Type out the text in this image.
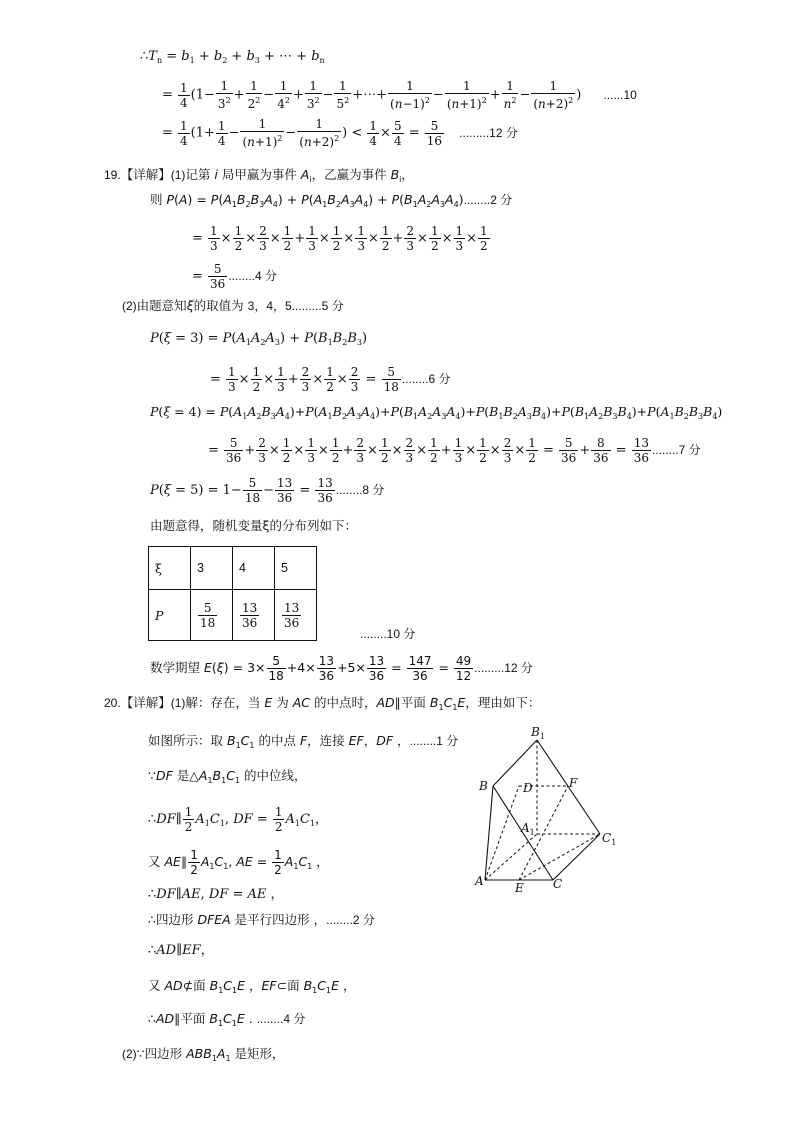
$\therefore T_n = b_1 + b_2 + b_3$ + ⋯ + $b_n$
= $\frac{1}{4} (1- \frac{1}{3^2} + \frac{1}{2^2} - \frac{1}{4^2} + \frac{1}{3^2} - \frac{1}{5^2}$ +⋯+ $\frac{1}{(n-1)^2} - \frac{1}{(n+1)^2} + \frac{1}{n^2} - \frac{1}{(n+2)^2}$ ) ......10
= $\frac{1}{4} (1+ \frac{1}{4} - \frac{1}{(n+1)^2} - \frac{1}{(n+2)^2}$ ) < $\frac{1}{4} \times \frac{5}{4} = \frac{5}{16} .........12$ 分
19.【详解】(1)记第 i 局甲赢为事件 $A_i$，乙赢为事件 $B_i$，
则 $P(A) = P(A_1B_2B_3A_4) + P(A_1B_2A_3A_4) + P(B_1A_2A_3A_4)........2$ 分
= $\frac{1}{3} \times \frac{1}{2} \times \frac{2}{3} \times \frac{1}{2} + \frac{1}{3} \times \frac{1}{2} \times \frac{1}{3} \times \frac{1}{2} + \frac{2}{3} \times \frac{1}{2} \times \frac{1}{3} \times \frac{1}{2}$
= $\frac{5}{36} ........4$ 分
(2)由题意知ξ的取值为 3，4，5.........5 分
$P(\xi = 3) = P(A_1A_2A_3) + P(B_1B_2B_3)$
= $\frac{1}{3} \times \frac{1}{2} \times \frac{1}{3} + \frac{2}{3} \times \frac{1}{2} \times \frac{2}{3} = \frac{5}{18} ........6$ 分
$P(\xi = 4) = P(A_1A_2B_3A_4)+P(A_1B_2A_3A_4)+P(B_1A_2A_3A_4)+P(B_1B_2A_3B_4)+P(B_1A_2B_3B_4)+P(A_1B_2B_3B_4)$
= $\frac{5}{36} + \frac{2}{3} \times \frac{1}{2} \times \frac{1}{3} \times \frac{1}{2} + \frac{2}{3} \times \frac{1}{2} \times \frac{2}{3} \times \frac{1}{2} + \frac{1}{3} \times \frac{1}{2} \times \frac{2}{3} \times \frac{1}{2} = \frac{5}{36} + \frac{8}{36} = \frac{13}{36} ........7$ 分
$P(\xi = 5) = 1- \frac{5}{18} - \frac{13}{36} = \frac{13}{36} ........8$ 分
由题意得，随机变量ξ的分布列如下：
ξ	3	4	5
P	$\frac{5}{18}$	$\frac{13}{36}$	$\frac{13}{36}$
........10 分
数学期望 $E(\xi) = 3\times \frac{5}{18} +4\times \frac{13}{36} +5\times \frac{13}{36} = \frac{147}{36} = \frac{49}{12} .........12$ 分
20.【详解】(1)解：存在，当 E 为 AC 的中点时，AD∥平面 $B_1C_1E$，理由如下：
如图所示：取 $B_1C_1$ 的中点 F，连接 EF，DF ，........1 分
∵DF 是$\triangle A_1B_1C_1$ 的中位线，
∴DF∥ $\frac{1}{2} A_1C_1$, DF = $\frac{1}{2} A_1C_1$，
又 AE∥ $\frac{1}{2} A_1C_1$, AE = $\frac{1}{2} A_1C_1$ ，
∴DF∥AE, DF = AE ，
∴四边形 DFEA 是平行四边形 ，........2 分
∴AD∥EF，
又 AD⊄面 $B_1C_1E$ ，EF⊂面 $B_1C_1E$ ，
∴AD∥平面 $B_1C_1E$ . ........4 分
(2)∵四边形 $ABB_1A_1$ 是矩形，
$B_1$
B	D	F
$A_1$	$C_1$
A	E C
